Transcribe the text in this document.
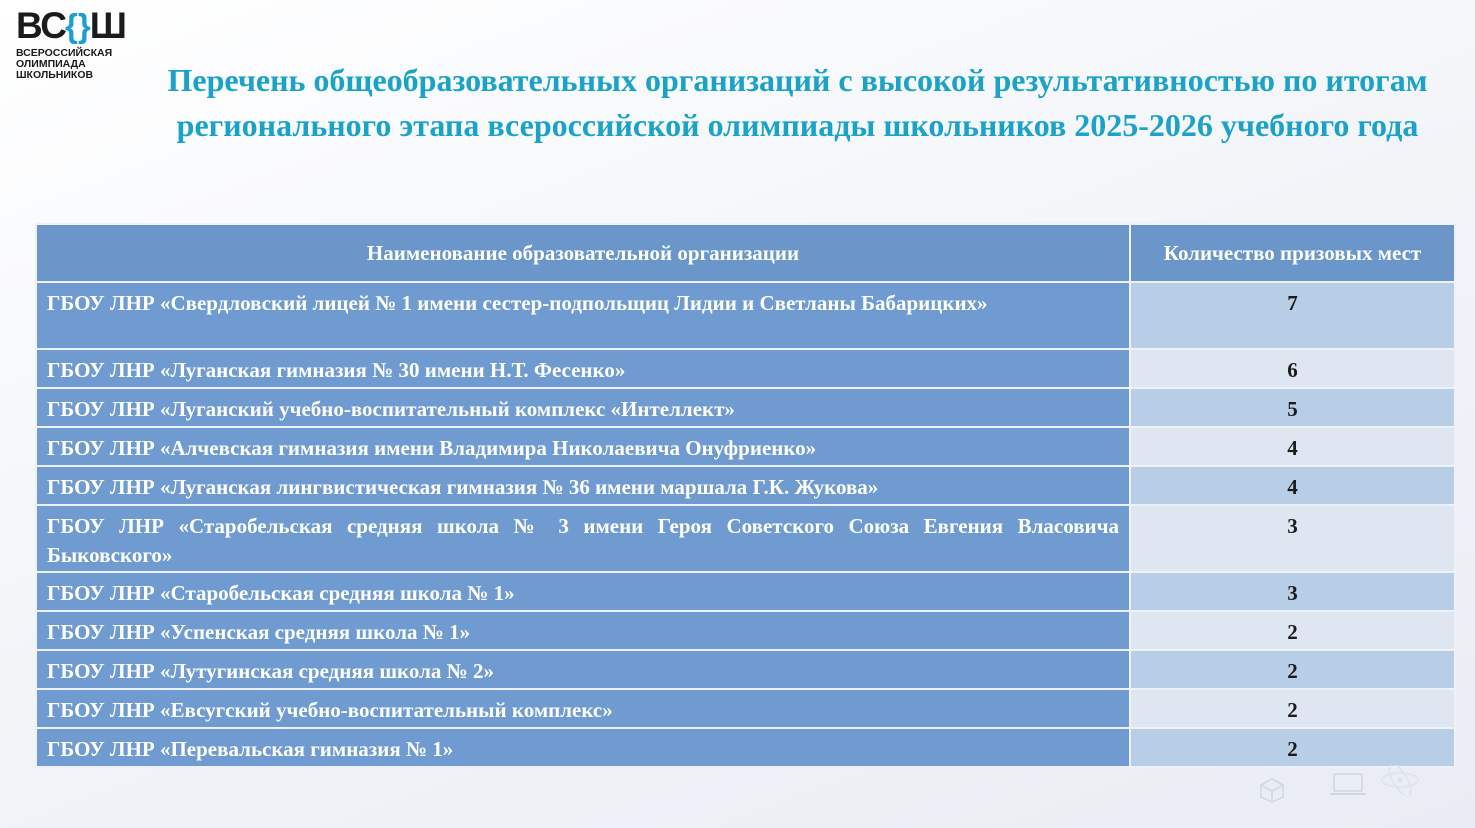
ВС {} Ш
ВСЕРОССИЙСКАЯ
ОЛИМПИАДА
ШКОЛЬНИКОВ	Перечень общеобразовательных организаций с высокой результативностью по итогам регионального этапа всероссийской олимпиады школьников 2025-2026 учебного года
Наименование образовательной организации	Количество призовых мест
ГБОУ ЛНР «Свердловский лицей № 1 имени сестер-подпольщиц Лидии и Светланы Бабарицких»	7
ГБОУ ЛНР «Луганская гимназия № 30 имени Н.Т. Фесенко»	6
ГБОУ ЛНР «Луганский учебно-воспитательный комплекс «Интеллект»	5
ГБОУ ЛНР «Алчевская гимназия имени Владимира Николаевича Онуфриенко»	4
ГБОУ ЛНР «Луганская лингвистическая гимназия № 36 имени маршала Г.К. Жукова»	4
ГБОУ ЛНР «Старобельская средняя школа № 3 имени Героя Советского Союза Евгения Власовича Быковского»	3
ГБОУ ЛНР «Старобельская средняя школа № 1»	3
ГБОУ ЛНР «Успенская средняя школа № 1»	2
ГБОУ ЛНР «Лутугинская средняя школа № 2»	2
ГБОУ ЛНР «Евсугский учебно-воспитательный комплекс»	2
ГБОУ ЛНР «Перевальская гимназия № 1»	2
